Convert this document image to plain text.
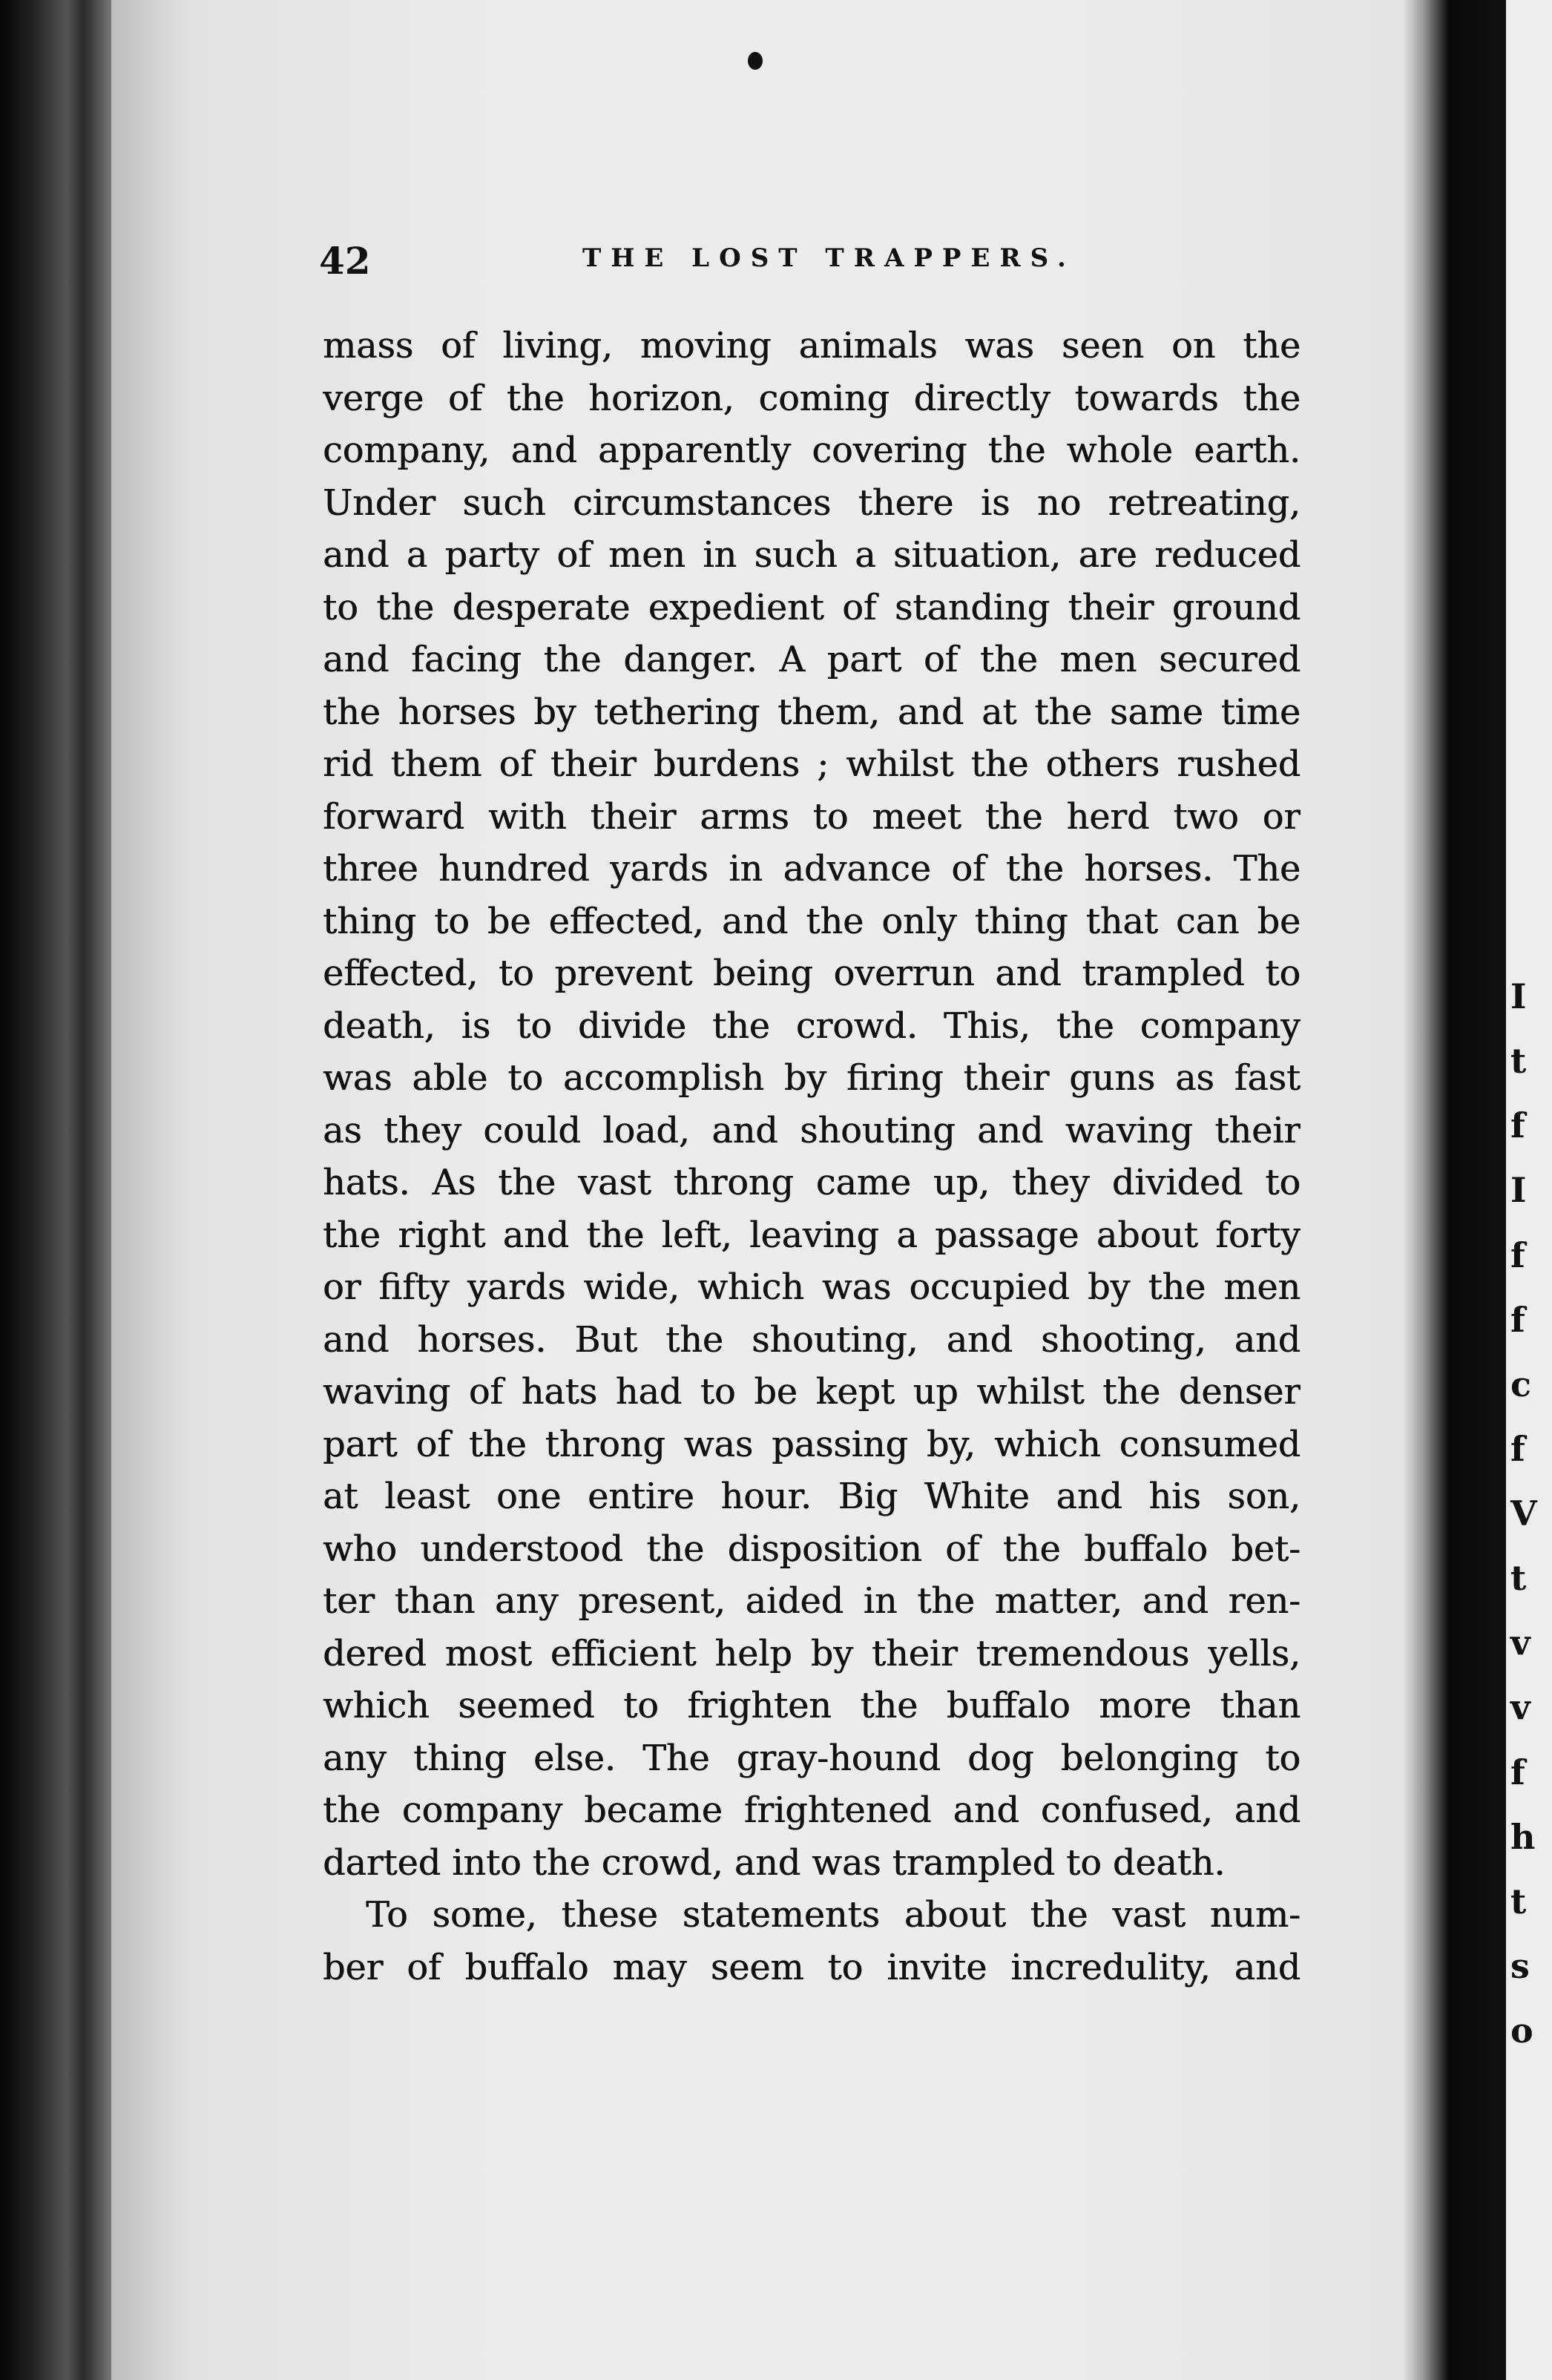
42	THE LOST TRAPPERS.
mass of living, moving animals was seen on the
verge of the horizon, coming directly towards the
company, and apparently covering the whole earth.
Under such circumstances there is no retreating,
and a party of men in such a situation, are reduced
to the desperate expedient of standing their ground
and facing the danger. A part of the men secured
the horses by tethering them, and at the same time
rid them of their burdens ; whilst the others rushed
forward with their arms to meet the herd two or
three hundred yards in advance of the horses. The
thing to be effected, and the only thing that can be
effected, to prevent being overrun and trampled to
death, is to divide the crowd. This, the company
was able to accomplish by firing their guns as fast
as they could load, and shouting and waving their
hats. As the vast throng came up, they divided to
the right and the left, leaving a passage about forty
or fifty yards wide, which was occupied by the men
and horses. But the shouting, and shooting, and
waving of hats had to be kept up whilst the denser
part of the throng was passing by, which consumed
at least one entire hour. Big White and his son,
who understood the disposition of the buffalo bet-
ter than any present, aided in the matter, and ren-
dered most efficient help by their tremendous yells,
which seemed to frighten the buffalo more than
any thing else. The gray-hound dog belonging to
the company became frightened and confused, and
darted into the crowd, and was trampled to death.
To some, these statements about the vast num-
ber of buffalo may seem to invite incredulity, and
I
t
f
I
f
f
c
f
V
t
v
v
f
h
t
s
o
